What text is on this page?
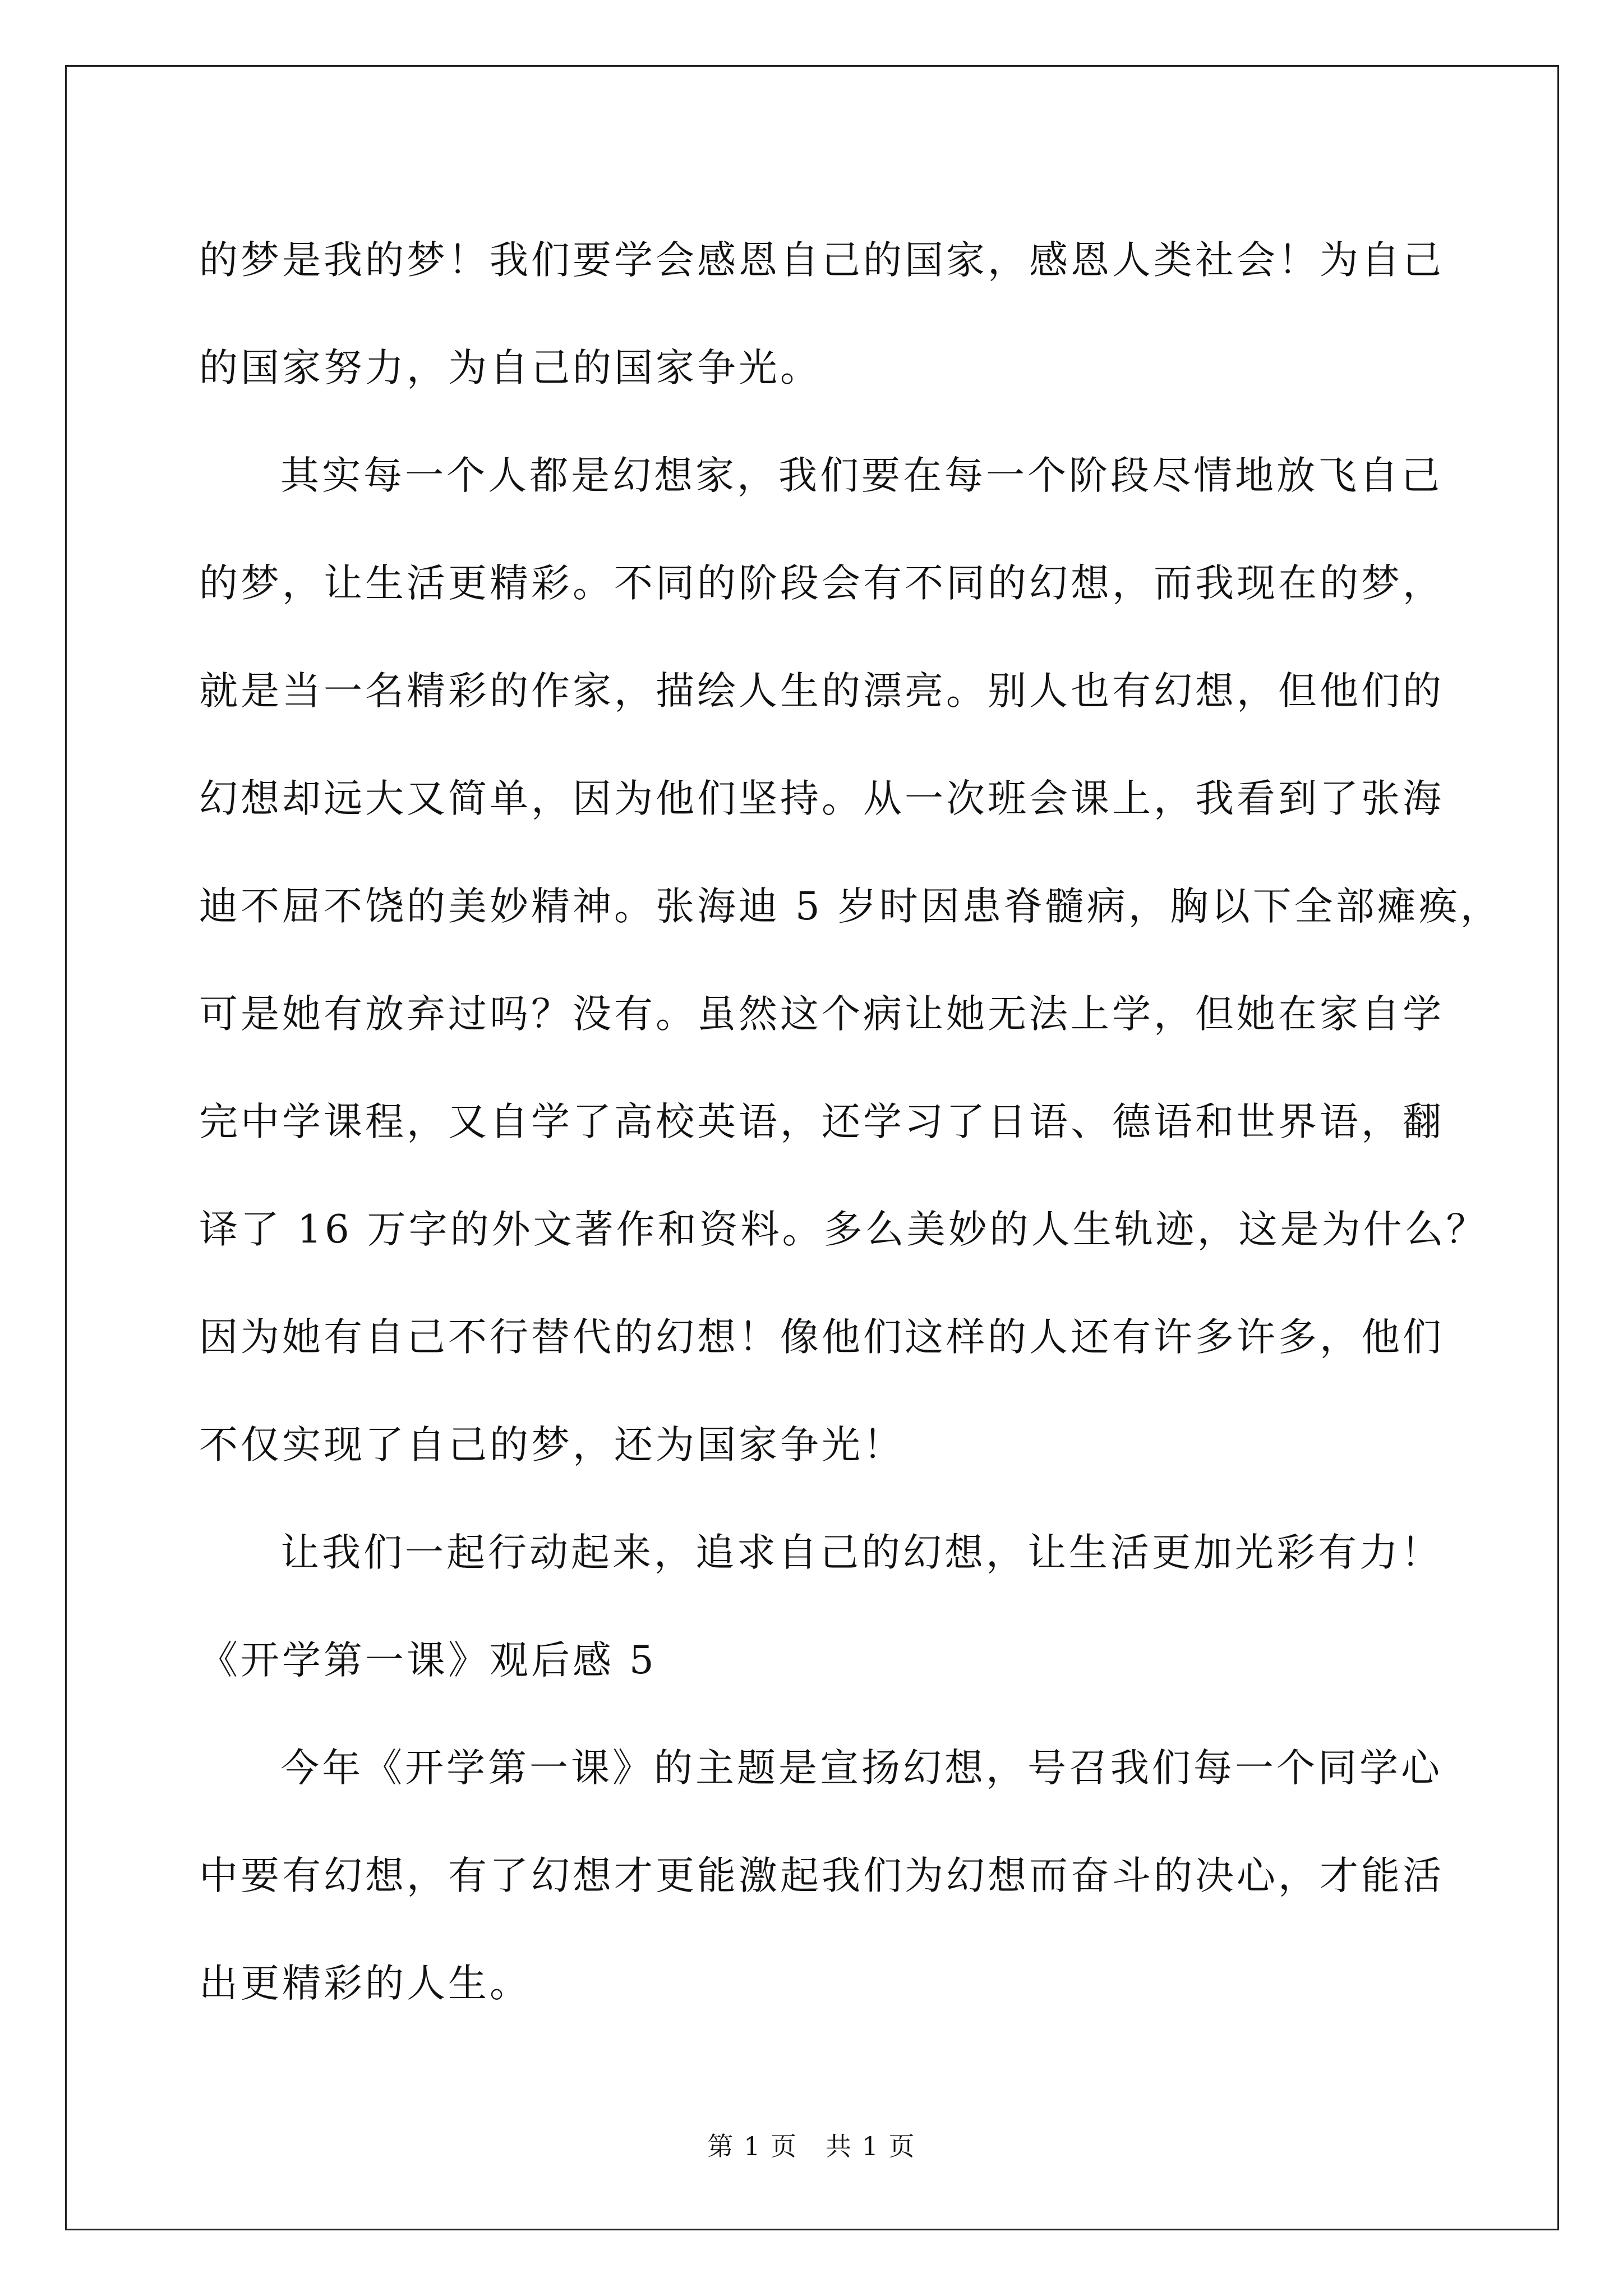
的梦是我的梦！我们要学会感恩自己的国家，感恩人类社会！为自己
的国家努力，为自己的国家争光。
其实每一个人都是幻想家，我们要在每一个阶段尽情地放飞自己
的梦，让生活更精彩。不同的阶段会有不同的幻想，而我现在的梦，
就是当一名精彩的作家，描绘人生的漂亮。别人也有幻想，但他们的
幻想却远大又简单，因为他们坚持。从一次班会课上，我看到了张海
迪不屈不饶的美妙精神。张海迪 5 岁时因患脊髓病，胸以下全部瘫痪，
可是她有放弃过吗？没有。虽然这个病让她无法上学，但她在家自学
完中学课程，又自学了高校英语，还学习了日语、德语和世界语，翻
译了 16 万字的外文著作和资料。多么美妙的人生轨迹，这是为什么？
因为她有自己不行替代的幻想！像他们这样的人还有许多许多，他们
不仅实现了自己的梦，还为国家争光！
让我们一起行动起来，追求自己的幻想，让生活更加光彩有力！
《开学第一课》观后感 5
今年《开学第一课》的主题是宣扬幻想，号召我们每一个同学心
中要有幻想，有了幻想才更能激起我们为幻想而奋斗的决心，才能活
出更精彩的人生。
第 1 页 共 1 页
